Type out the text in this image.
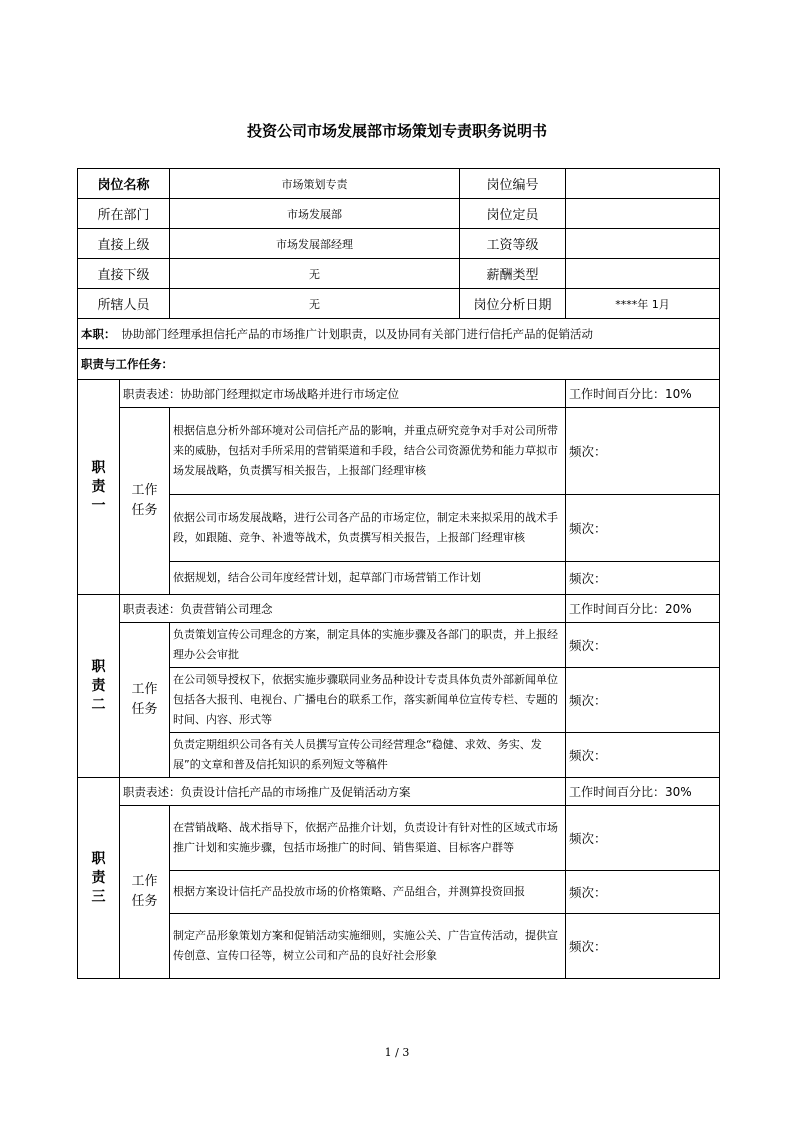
投资公司市场发展部市场策划专责职务说明书
岗位名称		市场策划专责 岗位编号	

所在部门		市场发展部 岗位定员	

直接上级		市场发展部经理 工资等级	

直接下级		无 薪酬类型	

所辖人员		无 岗位分析日期	****年 1月
本职： 协助部门经理承担信托产品的市场推广计划职责，以及协同有关部门进行信托产品的促销活动			
职责与工作任务：			

职
责
一	职责表述：协助部门经理拟定市场战略并进行市场定位		工作时间百分比：10%

	工作
任务	根据信息分析外部环境对公司信托产品的影响，并重点研究竞争对手对公司所带来的威胁，包括对手所采用的营销渠道和手段，结合公司资源优势和能力草拟市场发展战略，负责撰写相关报告，上报部门经理审核	频次：
		依据公司市场发展战略，进行公司各产品的市场定位，制定未来拟采用的战术手段，如跟随、竞争、补遗等战术，负责撰写相关报告，上报部门经理审核	频次：
		依据规划，结合公司年度经营计划，起草部门市场营销工作计划	频次：

职
责
二	职责表述：负责营销公司理念		工作时间百分比：20%

	工作
任务	负责策划宣传公司理念的方案，制定具体的实施步骤及各部门的职责，并上报经理办公会审批	频次：
		在公司领导授权下，依据实施步骤联同业务品种设计专责具体负责外部新闻单位包括各大报刊、电视台、广播电台的联系工作，落实新闻单位宣传专栏、专题的时间、内容、形式等	频次：
		负责定期组织公司各有关人员撰写宣传公司经营理念“稳健、求效、务实、发展”的文章和普及信托知识的系列短文等稿件	频次：

职
责
三	职责表述：负责设计信托产品的市场推广及促销活动方案		工作时间百分比：30%

	工作
任务	在营销战略、战术指导下，依据产品推介计划，负责设计有针对性的区域式市场推广计划和实施步骤，包括市场推广的时间、销售渠道、目标客户群等	频次：
		根据方案设计信托产品投放市场的价格策略、产品组合，并测算投资回报	频次：
		制定产品形象策划方案和促销活动实施细则，实施公关、广告宣传活动，提供宣传创意、宣传口径等，树立公司和产品的良好社会形象	频次：
1 / 3
